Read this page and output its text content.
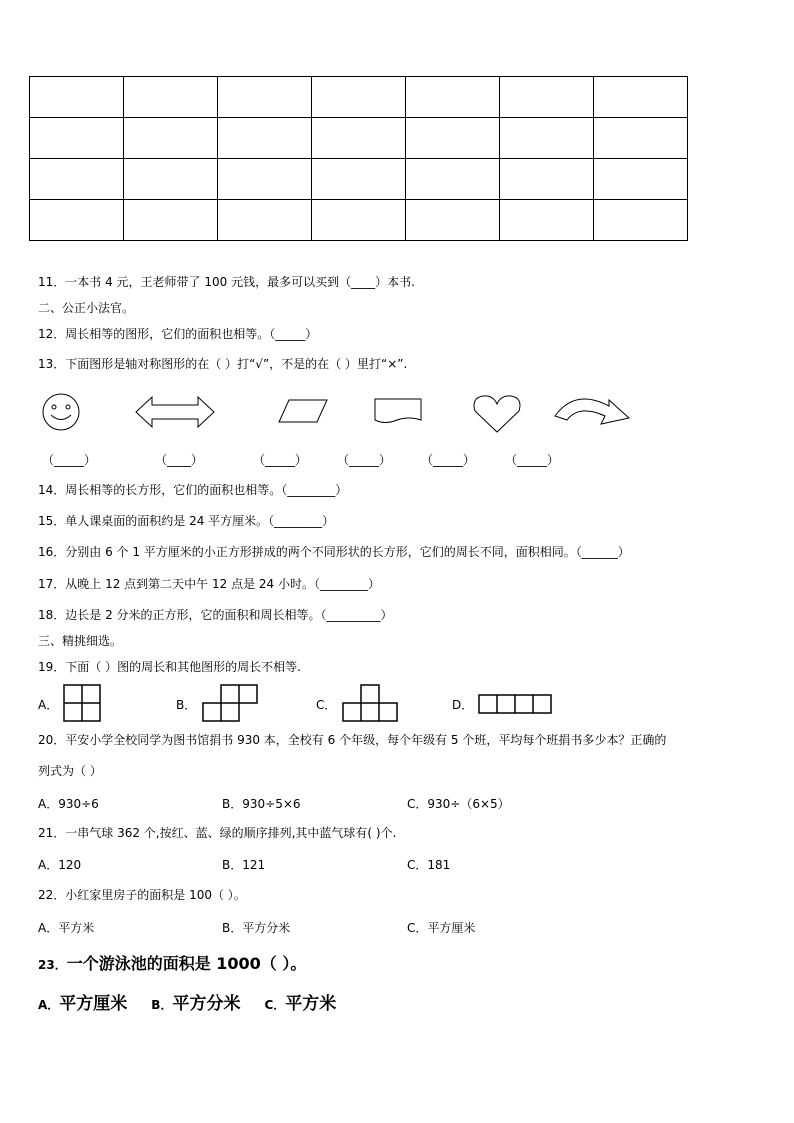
11．一本书 4 元，王老师带了 100 元钱，最多可以买到（____）本书.
二、公正小法官。
12．周长相等的图形，它们的面积也相等。（_____）
13．下面图形是轴对称图形的在（ ）打“√”，不是的在（ ）里打“×”.
（_____）	（____）	（_____） （_____） （_____） （_____）
14．周长相等的长方形，它们的面积也相等。（________）
15．单人课桌面的面积约是 24 平方厘米。（________）
16．分别由 6 个 1 平方厘米的小正方形拼成的两个不同形状的长方形，它们的周长不同，面积相同。（______）
17．从晚上 12 点到第二天中午 12 点是 24 小时。（________）
18．边长是 2 分米的正方形，它的面积和周长相等。（_________）
三、精挑细选。
19．下面（ ）图的周长和其他图形的周长不相等.
A．	B．	C．	D．
20．平安小学全校同学为图书馆捐书 930 本，全校有 6 个年级，每个年级有 5 个班，平均每个班捐书多少本？正确的
列式为（ ）
A．930÷6	B．930÷5×6	C．930÷（6×5）
21．一串气球 362 个,按红、蓝、绿的顺序排列,其中蓝气球有( )个.
A．120	B．121	C．181
22．小红家里房子的面积是 100（ ）。
A．平方米	B．平方分米	C．平方厘米
23．一个游泳池的面积是 1000（ ）。
A．平方厘米 B．平方分米 C．平方米
